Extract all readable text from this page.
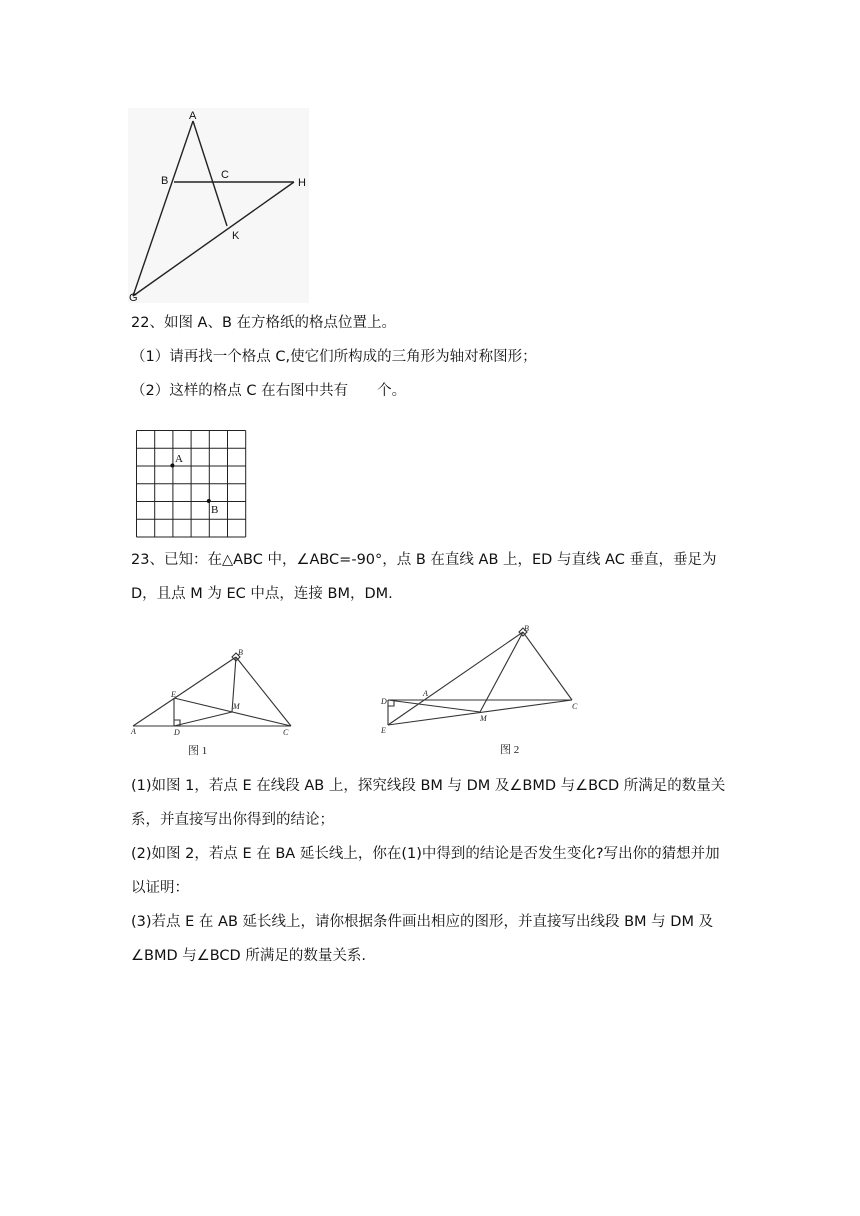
A
B	C
H
K
G
22、如图 A、B 在方格纸的格点位置上。
（1）请再找一个格点 C,使它们所构成的三角形为轴对称图形；
（2）这样的格点 C 在右图中共有　　个。
A
B
23、已知：在△ABC 中，∠ABC=-90°，点 B 在直线 AB 上，ED 与直线 AC 垂直，垂足为
D，且点 M 为 EC 中点，连接 BM，DM.
A
B
C
D
E
M
图 1
A
B
C
D
E
M
图 2
(1)如图 1，若点 E 在线段 AB 上，探究线段 BM 与 DM 及∠BMD 与∠BCD 所满足的数量关
系，并直接写出你得到的结论；
(2)如图 2，若点 E 在 BA 延长线上，你在(1)中得到的结论是否发生变化?写出你的猜想并加
以证明：
(3)若点 E 在 AB 延长线上，请你根据条件画出相应的图形，并直接写出线段 BM 与 DM 及
∠BMD 与∠BCD 所满足的数量关系.
